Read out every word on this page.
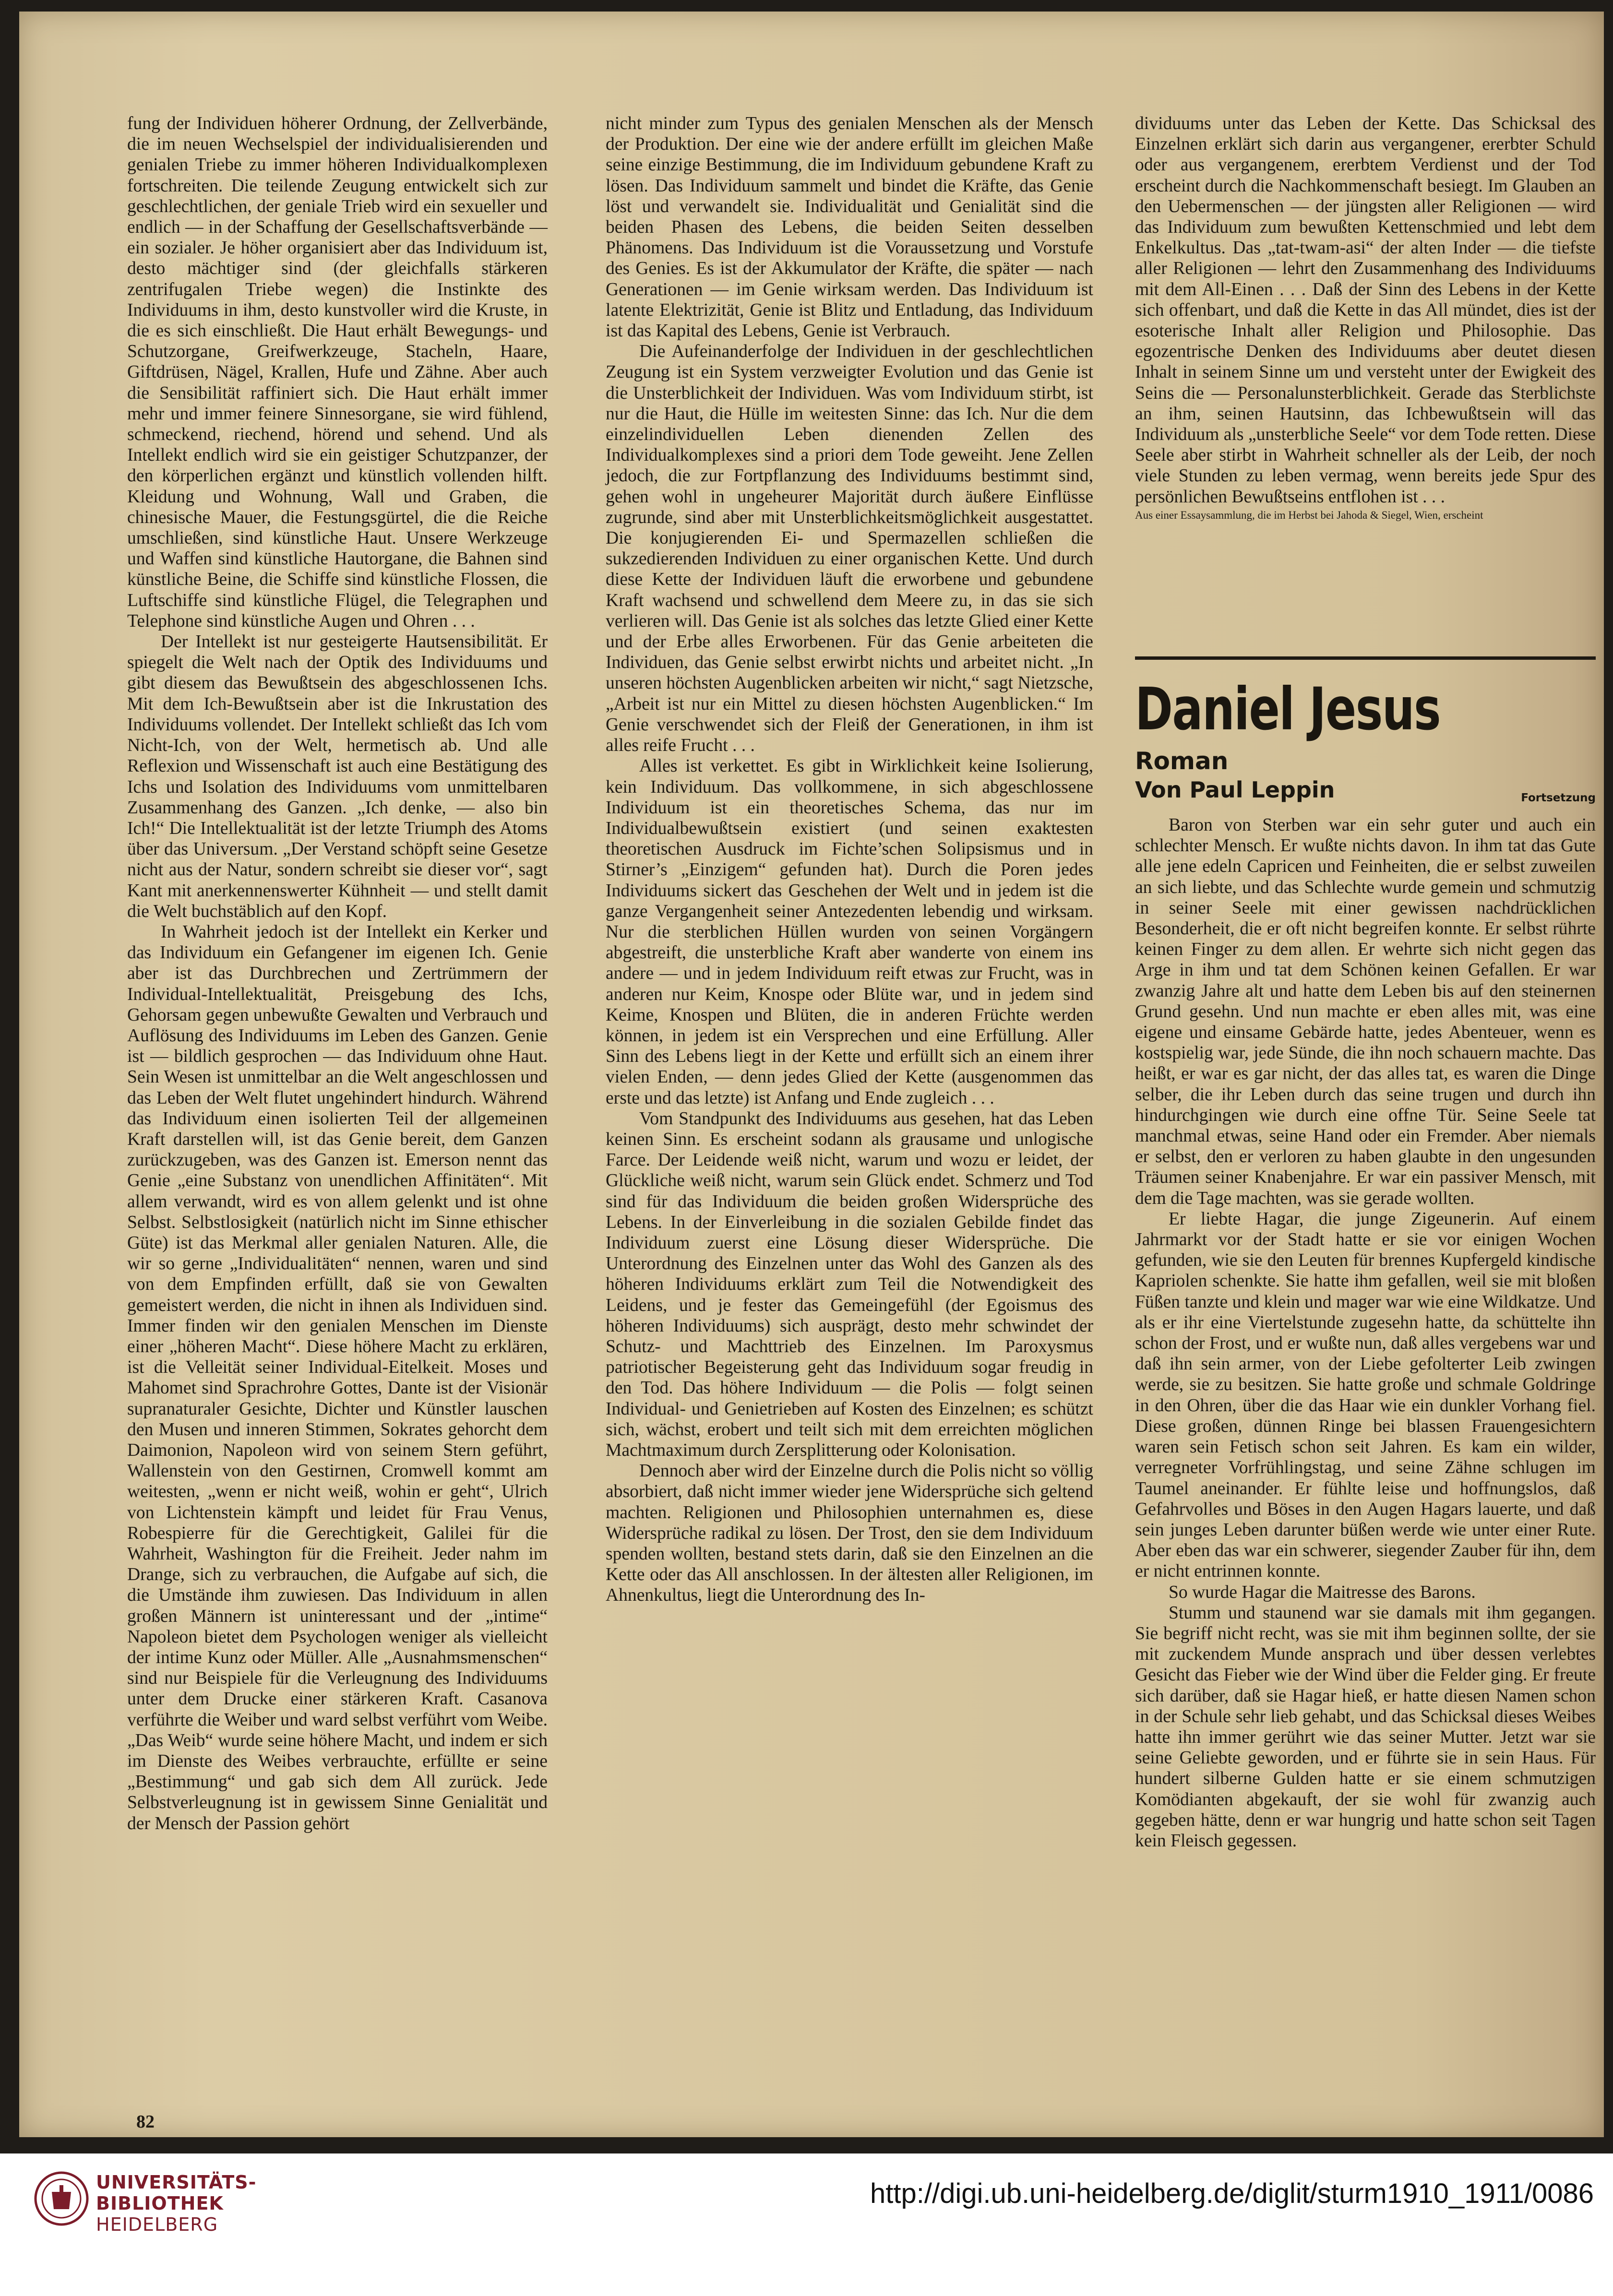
fung der Individuen höherer Ordnung, der Zellverbände, die im neuen Wechselspiel der individualisierenden und genialen Triebe zu immer höheren Individualkomplexen fortschreiten. Die teilende Zeugung entwickelt sich zur geschlechtlichen, der geniale Trieb wird ein sexueller und endlich — in der Schaffung der Gesellschaftsverbände — ein sozialer. Je höher organisiert aber das Individuum ist, desto mächtiger sind (der gleichfalls stärkeren zentrifugalen Triebe wegen) die Instinkte des Individuums in ihm, desto kunstvoller wird die Kruste, in die es sich einschließt. Die Haut erhält Bewegungs- und Schutzorgane, Greifwerkzeuge, Stacheln, Haare, Giftdrüsen, Nägel, Krallen, Hufe und Zähne. Aber auch die Sensibilität raffiniert sich. Die Haut erhält immer mehr und immer feinere Sinnesorgane, sie wird fühlend, schmeckend, riechend, hörend und sehend. Und als Intellekt endlich wird sie ein geistiger Schutzpanzer, der den körperlichen ergänzt und künstlich vollenden hilft. Kleidung und Wohnung, Wall und Graben, die chinesische Mauer, die Festungsgürtel, die die Reiche umschließen, sind künstliche Haut. Unsere Werkzeuge und Waffen sind künstliche Hautorgane, die Bahnen sind künstliche Beine, die Schiffe sind künstliche Flossen, die Luftschiffe sind künstliche Flügel, die Telegraphen und Telephone sind künstliche Augen und Ohren . . .

Der Intellekt ist nur gesteigerte Hautsensibilität. Er spiegelt die Welt nach der Optik des Individuums und gibt diesem das Bewußtsein des abgeschlossenen Ichs. Mit dem Ich-Bewußtsein aber ist die Inkrustation des Individuums vollendet. Der Intellekt schließt das Ich vom Nicht-Ich, von der Welt, hermetisch ab. Und alle Reflexion und Wissenschaft ist auch eine Bestätigung des Ichs und Isolation des Individuums vom unmittelbaren Zusammenhang des Ganzen. „Ich denke, — also bin Ich!“ Die Intellektualität ist der letzte Triumph des Atoms über das Universum. „Der Verstand schöpft seine Gesetze nicht aus der Natur, sondern schreibt sie dieser vor“, sagt Kant mit anerkennenswerter Kühnheit — und stellt damit die Welt buchstäblich auf den Kopf.

In Wahrheit jedoch ist der Intellekt ein Kerker und das Individuum ein Gefangener im eigenen Ich. Genie aber ist das Durchbrechen und Zertrümmern der Individual-Intellektualität, Preisgebung des Ichs, Gehorsam gegen unbewußte Gewalten und Verbrauch und Auflösung des Individuums im Leben des Ganzen. Genie ist — bildlich gesprochen — das Individuum ohne Haut. Sein Wesen ist unmittelbar an die Welt angeschlossen und das Leben der Welt flutet ungehindert hindurch. Während das Individuum einen isolierten Teil der allgemeinen Kraft darstellen will, ist das Genie bereit, dem Ganzen zurückzugeben, was des Ganzen ist. Emerson nennt das Genie „eine Substanz von unendlichen Affinitäten“. Mit allem verwandt, wird es von allem gelenkt und ist ohne Selbst. Selbstlosigkeit (natürlich nicht im Sinne ethischer Güte) ist das Merkmal aller genialen Naturen. Alle, die wir so gerne „Individualitäten“ nennen, waren und sind von dem Empfinden erfüllt, daß sie von Gewalten gemeistert werden, die nicht in ihnen als Individuen sind. Immer finden wir den genialen Menschen im Dienste einer „höheren Macht“. Diese höhere Macht zu erklären, ist die Velleität seiner Individual-Eitelkeit. Moses und Mahomet sind Sprachrohre Gottes, Dante ist der Visionär supranaturaler Gesichte, Dichter und Künstler lauschen den Musen und inneren Stimmen, Sokrates gehorcht dem Daimonion, Napoleon wird von seinem Stern geführt, Wallenstein von den Gestirnen, Cromwell kommt am weitesten, „wenn er nicht weiß, wohin er geht“, Ulrich von Lichtenstein kämpft und leidet für Frau Venus, Robespierre für die Gerechtigkeit, Galilei für die Wahrheit, Washington für die Freiheit. Jeder nahm im Drange, sich zu verbrauchen, die Aufgabe auf sich, die die Umstände ihm zuwiesen. Das Individuum in allen großen Männern ist uninteressant und der „intime“ Napoleon bietet dem Psychologen weniger als vielleicht der intime Kunz oder Müller. Alle „Ausnahmsmenschen“ sind nur Beispiele für die Verleugnung des Individuums unter dem Drucke einer stärkeren Kraft. Casanova verführte die Weiber und ward selbst verführt vom Weibe. „Das Weib“ wurde seine höhere Macht, und indem er sich im Dienste des Weibes verbrauchte, erfüllte er seine „Bestimmung“ und gab sich dem All zurück. Jede Selbstverleugnung ist in gewissem Sinne Genialität und der Mensch der Passion gehört

nicht minder zum Typus des genialen Menschen als der Mensch der Produktion. Der eine wie der andere erfüllt im gleichen Maße seine einzige Bestimmung, die im Individuum gebundene Kraft zu lösen. Das Individuum sammelt und bindet die Kräfte, das Genie löst und verwandelt sie. Individualität und Genialität sind die beiden Phasen des Lebens, die beiden Seiten desselben Phänomens. Das Individuum ist die Voraussetzung und Vorstufe des Genies. Es ist der Akkumulator der Kräfte, die später — nach Generationen — im Genie wirksam werden. Das Individuum ist latente Elektrizität, Genie ist Blitz und Entladung, das Individuum ist das Kapital des Lebens, Genie ist Verbrauch.

Die Aufeinanderfolge der Individuen in der geschlechtlichen Zeugung ist ein System verzweigter Evolution und das Genie ist die Unsterblichkeit der Individuen. Was vom Individuum stirbt, ist nur die Haut, die Hülle im weitesten Sinne: das Ich. Nur die dem einzelindividuellen Leben dienenden Zellen des Individualkomplexes sind a priori dem Tode geweiht. Jene Zellen jedoch, die zur Fortpflanzung des Individuums bestimmt sind, gehen wohl in ungeheurer Majorität durch äußere Einflüsse zugrunde, sind aber mit Unsterblichkeitsmöglichkeit ausgestattet. Die konjugierenden Ei- und Spermazellen schließen die sukzedierenden Individuen zu einer organischen Kette. Und durch diese Kette der Individuen läuft die erworbene und gebundene Kraft wachsend und schwellend dem Meere zu, in das sie sich verlieren will. Das Genie ist als solches das letzte Glied einer Kette und der Erbe alles Erworbenen. Für das Genie arbeiteten die Individuen, das Genie selbst erwirbt nichts und arbeitet nicht. „In unseren höchsten Augenblicken arbeiten wir nicht,“ sagt Nietzsche, „Arbeit ist nur ein Mittel zu diesen höchsten Augenblicken.“ Im Genie verschwendet sich der Fleiß der Generationen, in ihm ist alles reife Frucht . . .

Alles ist verkettet. Es gibt in Wirklichkeit keine Isolierung, kein Individuum. Das vollkommene, in sich abgeschlossene Individuum ist ein theoretisches Schema, das nur im Individualbewußtsein existiert (und seinen exaktesten theoretischen Ausdruck im Fichte’schen Solipsismus und in Stirner’s „Einzigem“ gefunden hat). Durch die Poren jedes Individuums sickert das Geschehen der Welt und in jedem ist die ganze Vergangenheit seiner Antezedenten lebendig und wirksam. Nur die sterblichen Hüllen wurden von seinen Vorgängern abgestreift, die unsterbliche Kraft aber wanderte von einem ins andere — und in jedem Individuum reift etwas zur Frucht, was in anderen nur Keim, Knospe oder Blüte war, und in jedem sind Keime, Knospen und Blüten, die in anderen Früchte werden können, in jedem ist ein Versprechen und eine Erfüllung. Aller Sinn des Lebens liegt in der Kette und erfüllt sich an einem ihrer vielen Enden, — denn jedes Glied der Kette (ausgenommen das erste und das letzte) ist Anfang und Ende zugleich . . .

Vom Standpunkt des Individuums aus gesehen, hat das Leben keinen Sinn. Es erscheint sodann als grausame und unlogische Farce. Der Leidende weiß nicht, warum und wozu er leidet, der Glückliche weiß nicht, warum sein Glück endet. Schmerz und Tod sind für das Individuum die beiden großen Widersprüche des Lebens. In der Einverleibung in die sozialen Gebilde findet das Individuum zuerst eine Lösung dieser Widersprüche. Die Unterordnung des Einzelnen unter das Wohl des Ganzen als des höheren Individuums erklärt zum Teil die Notwendigkeit des Leidens, und je fester das Gemeingefühl (der Egoismus des höheren Individuums) sich ausprägt, desto mehr schwindet der Schutz- und Machttrieb des Einzelnen. Im Paroxysmus patriotischer Begeisterung geht das Individuum sogar freudig in den Tod. Das höhere Individuum — die Polis — folgt seinen Individual- und Genietrieben auf Kosten des Einzelnen; es schützt sich, wächst, erobert und teilt sich mit dem erreichten möglichen Machtmaximum durch Zersplitterung oder Kolonisation.

Dennoch aber wird der Einzelne durch die Polis nicht so völlig absorbiert, daß nicht immer wieder jene Widersprüche sich geltend machten. Religionen und Philosophien unternahmen es, diese Widersprüche radikal zu lösen. Der Trost, den sie dem Individuum spenden wollten, bestand stets darin, daß sie den Einzelnen an die Kette oder das All anschlossen. In der ältesten aller Religionen, im Ahnenkultus, liegt die Unterordnung des In-

dividuums unter das Leben der Kette. Das Schicksal des Einzelnen erklärt sich darin aus vergangener, ererbter Schuld oder aus vergangenem, ererbtem Verdienst und der Tod erscheint durch die Nachkommenschaft besiegt. Im Glauben an den Uebermenschen — der jüngsten aller Religionen — wird das Individuum zum bewußten Kettenschmied und lebt dem Enkelkultus. Das „tat-twam-asi“ der alten Inder — die tiefste aller Religionen — lehrt den Zusammenhang des Individuums mit dem All-Einen . . . Daß der Sinn des Lebens in der Kette sich offenbart, und daß die Kette in das All mündet, dies ist der esoterische Inhalt aller Religion und Philosophie. Das egozentrische Denken des Individuums aber deutet diesen Inhalt in seinem Sinne um und versteht unter der Ewigkeit des Seins die — Personalunsterblichkeit. Gerade das Sterblichste an ihm, seinen Hautsinn, das Ichbewußtsein will das Individuum als „unsterbliche Seele“ vor dem Tode retten. Diese Seele aber stirbt in Wahrheit schneller als der Leib, der noch viele Stunden zu leben vermag, wenn bereits jede Spur des persönlichen Bewußtseins entflohen ist . . .

Aus einer Essaysammlung, die im Herbst bei Jahoda & Siegel, Wien, erscheint

Daniel Jesus
Roman
Von Paul Leppin	Fortsetzung

Baron von Sterben war ein sehr guter und auch ein schlechter Mensch. Er wußte nichts davon. In ihm tat das Gute alle jene edeln Capricen und Feinheiten, die er selbst zuweilen an sich liebte, und das Schlechte wurde gemein und schmutzig in seiner Seele mit einer gewissen nachdrücklichen Besonderheit, die er oft nicht begreifen konnte. Er selbst rührte keinen Finger zu dem allen. Er wehrte sich nicht gegen das Arge in ihm und tat dem Schönen keinen Gefallen. Er war zwanzig Jahre alt und hatte dem Leben bis auf den steinernen Grund gesehn. Und nun machte er eben alles mit, was eine eigene und einsame Gebärde hatte, jedes Abenteuer, wenn es kostspielig war, jede Sünde, die ihn noch schauern machte. Das heißt, er war es gar nicht, der das alles tat, es waren die Dinge selber, die ihr Leben durch das seine trugen und durch ihn hindurchgingen wie durch eine offne Tür. Seine Seele tat manchmal etwas, seine Hand oder ein Fremder. Aber niemals er selbst, den er verloren zu haben glaubte in den ungesunden Träumen seiner Knabenjahre. Er war ein passiver Mensch, mit dem die Tage machten, was sie gerade wollten.

Er liebte Hagar, die junge Zigeunerin. Auf einem Jahrmarkt vor der Stadt hatte er sie vor einigen Wochen gefunden, wie sie den Leuten für brennes Kupfergeld kindische Kapriolen schenkte. Sie hatte ihm gefallen, weil sie mit bloßen Füßen tanzte und klein und mager war wie eine Wildkatze. Und als er ihr eine Viertelstunde zugesehn hatte, da schüttelte ihn schon der Frost, und er wußte nun, daß alles vergebens war und daß ihn sein armer, von der Liebe gefolterter Leib zwingen werde, sie zu besitzen. Sie hatte große und schmale Goldringe in den Ohren, über die das Haar wie ein dunkler Vorhang fiel. Diese großen, dünnen Ringe bei blassen Frauengesichtern waren sein Fetisch schon seit Jahren. Es kam ein wilder, verregneter Vorfrühlingstag, und seine Zähne schlugen im Taumel aneinander. Er fühlte leise und hoffnungslos, daß Gefahrvolles und Böses in den Augen Hagars lauerte, und daß sein junges Leben darunter büßen werde wie unter einer Rute. Aber eben das war ein schwerer, siegender Zauber für ihn, dem er nicht entrinnen konnte.

So wurde Hagar die Maitresse des Barons.

Stumm und staunend war sie damals mit ihm gegangen. Sie begriff nicht recht, was sie mit ihm beginnen sollte, der sie mit zuckendem Munde ansprach und über dessen verlebtes Gesicht das Fieber wie der Wind über die Felder ging. Er freute sich darüber, daß sie Hagar hieß, er hatte diesen Namen schon in der Schule sehr lieb gehabt, und das Schicksal dieses Weibes hatte ihn immer gerührt wie das seiner Mutter. Jetzt war sie seine Geliebte geworden, und er führte sie in sein Haus. Für hundert silberne Gulden hatte er sie einem schmutzigen Komödianten abgekauft, der sie wohl für zwanzig auch gegeben hätte, denn er war hungrig und hatte schon seit Tagen kein Fleisch gegessen.

82
UNIVERSITÄTS-
BIBLIOTHEK
HEIDELBERG
http://digi.ub.uni-heidelberg.de/diglit/sturm1910_1911/0086
